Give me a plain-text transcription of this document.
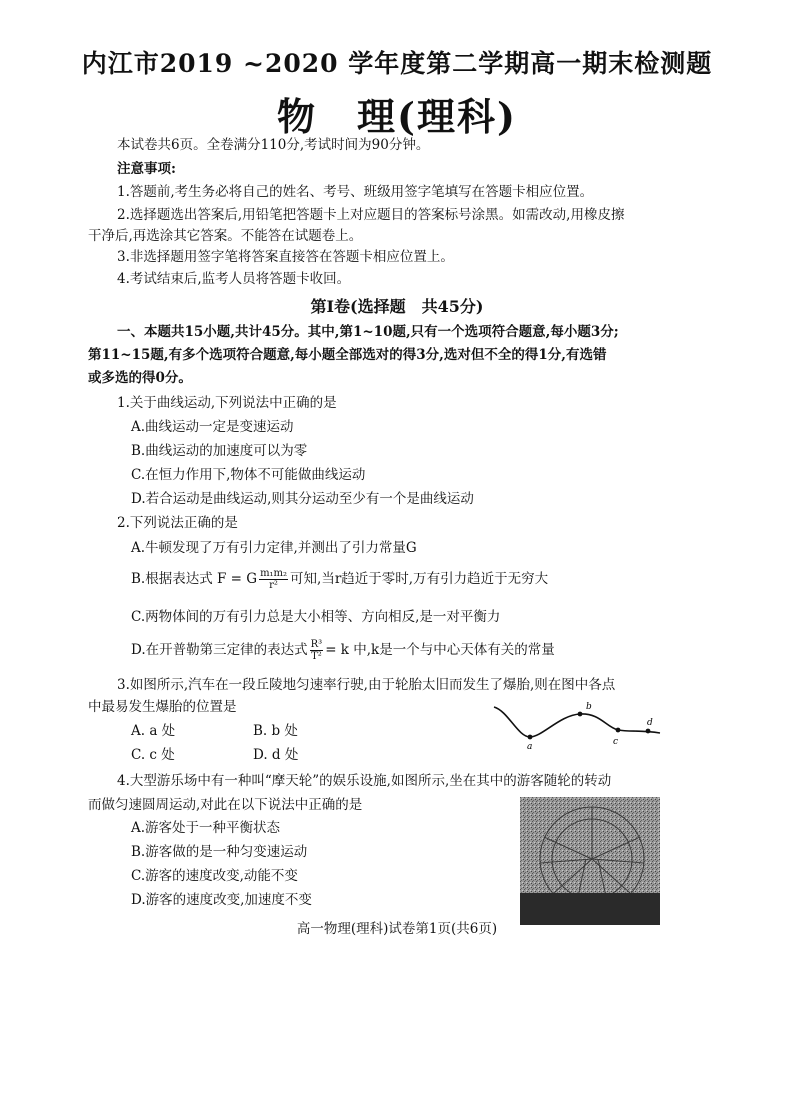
内江市2019 ~2020 学年度第二学期高一期末检测题
物　理(理科)
本试卷共6页。全卷满分110分,考试时间为90分钟。
注意事项:
1.答题前,考生务必将自己的姓名、考号、班级用签字笔填写在答题卡相应位置。
2.选择题选出答案后,用铅笔把答题卡上对应题目的答案标号涂黑。如需改动,用橡皮擦
干净后,再选涂其它答案。不能答在试题卷上。
3.非选择题用签字笔将答案直接答在答题卡相应位置上。
4.考试结束后,监考人员将答题卡收回。
第Ⅰ卷(选择题　共45分)
一、本题共15小题,共计45分。其中,第1~10题,只有一个选项符合题意,每小题3分;
第11~15题,有多个选项符合题意,每小题全部选对的得3分,选对但不全的得1分,有选错
或多选的得0分。
1.关于曲线运动,下列说法中正确的是
A.曲线运动一定是变速运动
B.曲线运动的加速度可以为零
C.在恒力作用下,物体不可能做曲线运动
D.若合运动是曲线运动,则其分运动至少有一个是曲线运动
2.下列说法正确的是
A.牛顿发现了万有引力定律,并测出了引力常量G
B.根据表达式 F = G $\frac{\text{m₁m₂}}{\text{r²}}$ 可知,当r趋近于零时,万有引力趋近于无穷大
C.两物体间的万有引力总是大小相等、方向相反,是一对平衡力
D.在开普勒第三定律的表达式 $\frac{\text{R³}}{\text{T²}} = k$ 中,k是一个与中心天体有关的常量
3.如图所示,汽车在一段丘陵地匀速率行驶,由于轮胎太旧而发生了爆胎,则在图中各点
中最易发生爆胎的位置是
A. a 处	B. b 处
C. c 处	D. d 处	a
b
c
d
4.大型游乐场中有一种叫“摩天轮”的娱乐设施,如图所示,坐在其中的游客随轮的转动
而做匀速圆周运动,对此在以下说法中正确的是
A.游客处于一种平衡状态
B.游客做的是一种匀变速运动
C.游客的速度改变,动能不变
D.游客的速度改变,加速度不变
高一物理(理科)试卷第1页(共6页)
